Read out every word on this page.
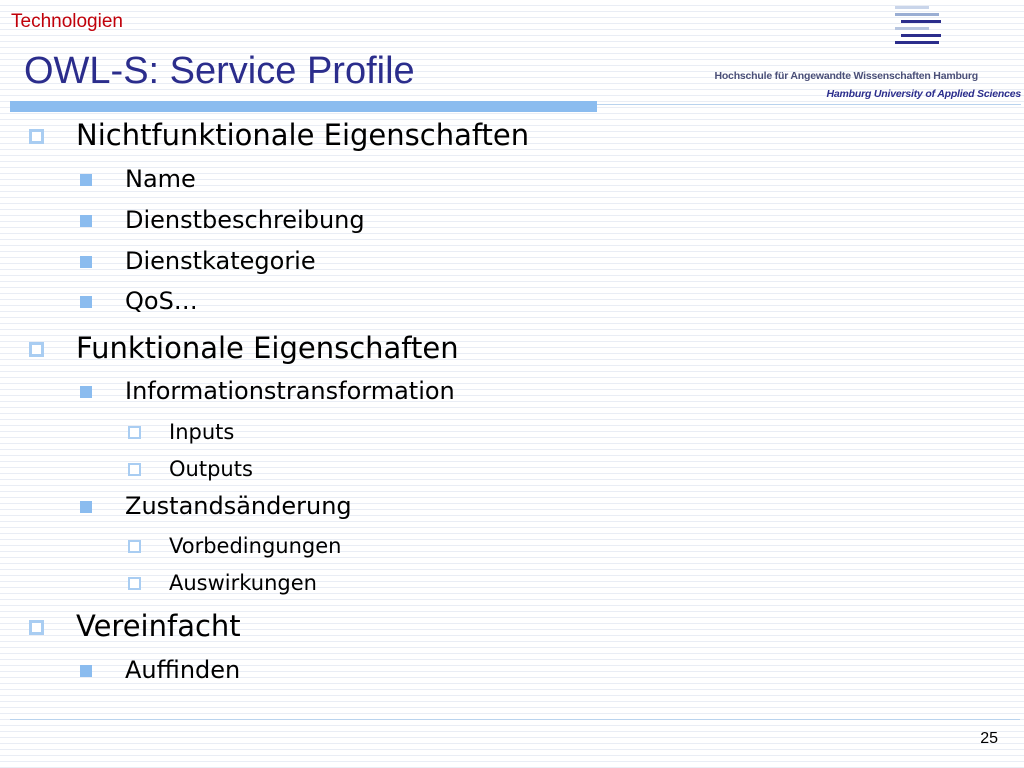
Technologien
OWL-S: Service Profile	Hochschule für Angewandte Wissenschaften Hamburg
Hamburg University of Applied Sciences
Nichtfunktionale Eigenschaften
Name
Dienstbeschreibung
Dienstkategorie
QoS…
Funktionale Eigenschaften
Informationstransformation
Inputs
Outputs
Zustandsänderung
Vorbedingungen
Auswirkungen
Vereinfacht
Auffinden
25
